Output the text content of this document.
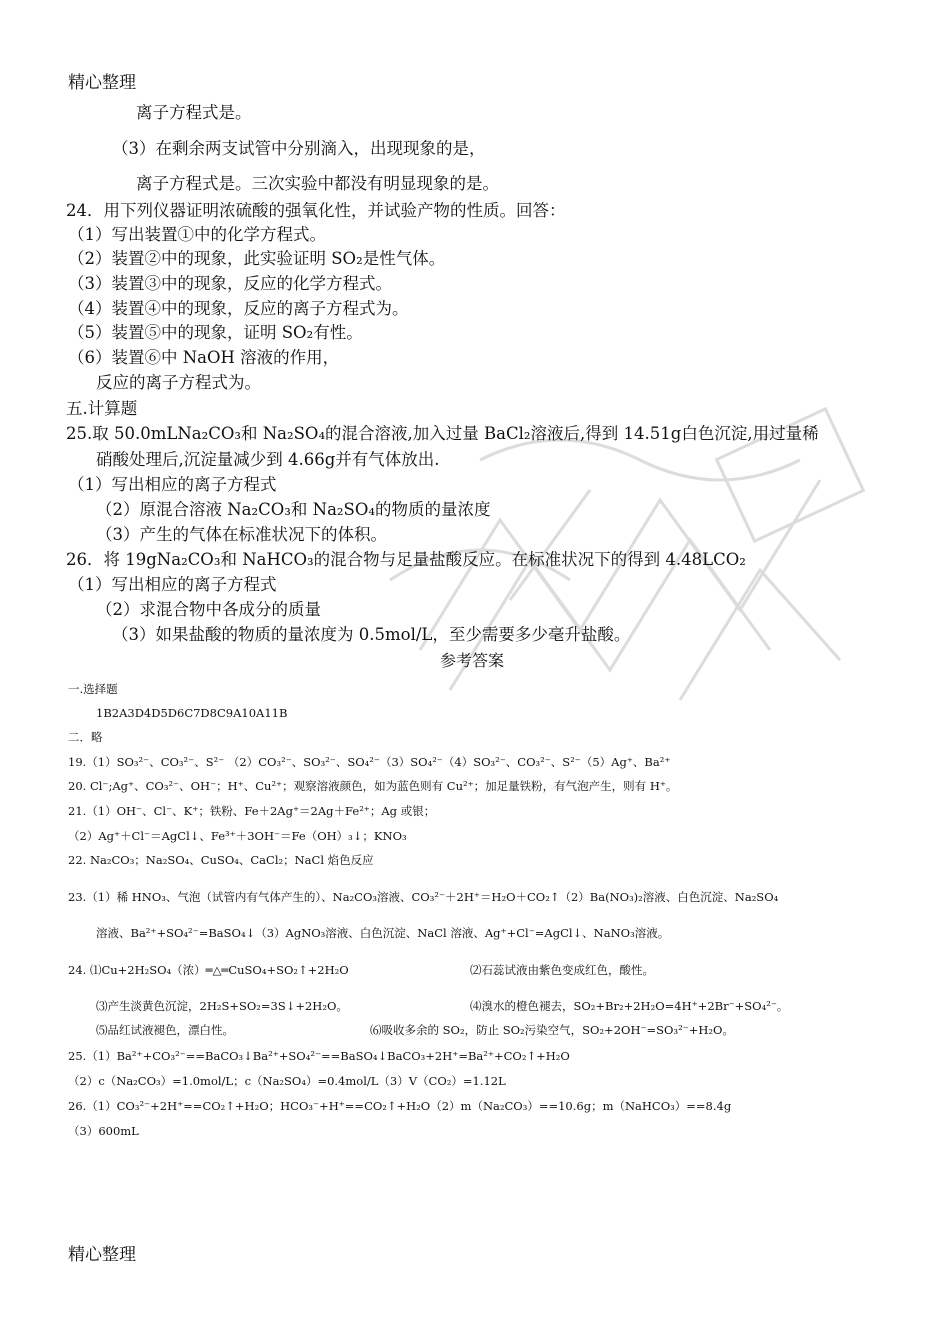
精心整理
离子方程式是。
（3）在剩余两支试管中分别滴入，出现现象的是，
离子方程式是。三次实验中都没有明显现象的是。
24．用下列仪器证明浓硫酸的强氧化性，并试验产物的性质。回答：
（1）写出装置①中的化学方程式。
（2）装置②中的现象，此实验证明 SO₂是性气体。
（3）装置③中的现象，反应的化学方程式。
（4）装置④中的现象，反应的离子方程式为。
（5）装置⑤中的现象，证明 SO₂有性。
（6）装置⑥中 NaOH 溶液的作用，
反应的离子方程式为。
五.计算题
25.取 50.0mLNa₂CO₃和 Na₂SO₄的混合溶液,加入过量 BaCl₂溶液后,得到 14.51g白色沉淀,用过量稀
硝酸处理后,沉淀量减少到 4.66g并有气体放出.
（1）写出相应的离子方程式
（2）原混合溶液 Na₂CO₃和 Na₂SO₄的物质的量浓度
（3）产生的气体在标准状况下的体积。
26．将 19gNa₂CO₃和 NaHCO₃的混合物与足量盐酸反应。在标准状况下的得到 4.48LCO₂
（1）写出相应的离子方程式
（2）求混合物中各成分的质量
（3）如果盐酸的物质的量浓度为 0.5mol/L，至少需要多少毫升盐酸。
参考答案
一.选择题
1B2A3D4D5D6C7D8C9A10A11B
二．略
19.（1）SO₃²⁻、CO₃²⁻、S²⁻ （2）CO₃²⁻、SO₃²⁻、SO₄²⁻（3）SO₄²⁻（4）SO₃²⁻、CO₃²⁻、S²⁻（5）Ag⁺、Ba²⁺
20. Cl⁻;Ag⁺、CO₃²⁻、OH⁻；H⁺、Cu²⁺；观察溶液颜色，如为蓝色则有 Cu²⁺；加足量铁粉，有气泡产生，则有 H⁺。
21.（1）OH⁻、Cl⁻、K⁺；铁粉、Fe＋2Ag⁺＝2Ag＋Fe²⁺；Ag 或银；
（2）Ag⁺＋Cl⁻＝AgCl↓、Fe³⁺＋3OH⁻＝Fe（OH）₃↓；KNO₃
22. Na₂CO₃；Na₂SO₄、CuSO₄、CaCl₂；NaCl 焰色反应
23.（1）稀 HNO₃、气泡（试管内有气体产生的）、Na₂CO₃溶液、CO₃²⁻＋2H⁺＝H₂O＋CO₂↑（2）Ba(NO₃)₂溶液、白色沉淀、Na₂SO₄
溶液、Ba²⁺+SO₄²⁻=BaSO₄↓（3）AgNO₃溶液、白色沉淀、NaCl 溶液、Ag⁺+Cl⁻=AgCl↓、NaNO₃溶液。
24. ⑴Cu+2H₂SO₄（浓）═△═CuSO₄+SO₂↑+2H₂O	⑵石蕊试液由紫色变成红色，酸性。
⑶产生淡黄色沉淀，2H₂S+SO₂=3S↓+2H₂O。	⑷溴水的橙色褪去，SO₂+Br₂+2H₂O=4H⁺+2Br⁻+SO₄²⁻。
⑸品红试液褪色，漂白性。	⑹吸收多余的 SO₂，防止 SO₂污染空气，SO₂+2OH⁻=SO₃²⁻+H₂O。
25.（1）Ba²⁺+CO₃²⁻==BaCO₃↓Ba²⁺+SO₄²⁻==BaSO₄↓BaCO₃+2H⁺=Ba²⁺+CO₂↑+H₂O
（2）c（Na₂CO₃）=1.0mol/L；c（Na₂SO₄）=0.4mol/L（3）V（CO₂）=1.12L
26.（1）CO₃²⁻+2H⁺==CO₂↑+H₂O；HCO₃⁻+H⁺==CO₂↑+H₂O（2）m（Na₂CO₃）==10.6g；m（NaHCO₃）==8.4g
（3）600mL
精心整理
